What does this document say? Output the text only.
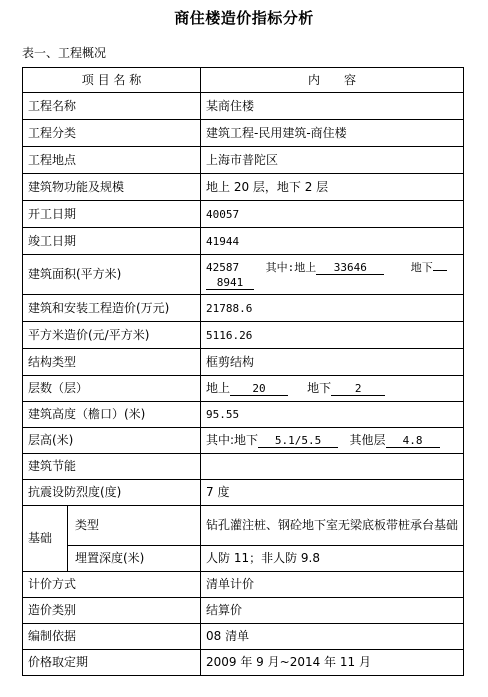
商住楼造价指标分析
表一、工程概况
项 目 名 称		内　　容
工程名称		某商住楼
工程分类		建筑工程-民用建筑-商住楼
工程地点		上海市普陀区
建筑物功能及规模		地上 20 层，地下 2 层
开工日期		40057
竣工日期		41944
建筑面积(平方米)		42587 其中:地上 33646 地下
8941
建筑和安装工程造价(万元)		21788.6
平方米造价(元/平方米)		5116.26
结构类型		框剪结构
层数（层）		地上 20 地下 2
建筑高度（檐口）(米)		95.55
层高(米)		其中:地下 5.1/5.5 其他层 4.8
建筑节能		
抗震设防烈度(度)		7 度
基础	类型	钻孔灌注桩、钢砼地下室无梁底板带桩承台基础
	埋置深度(米)	人防 11；非人防 9.8
计价方式		清单计价
造价类别		结算价
编制依据		08 清单
价格取定期		2009 年 9 月~2014 年 11 月
